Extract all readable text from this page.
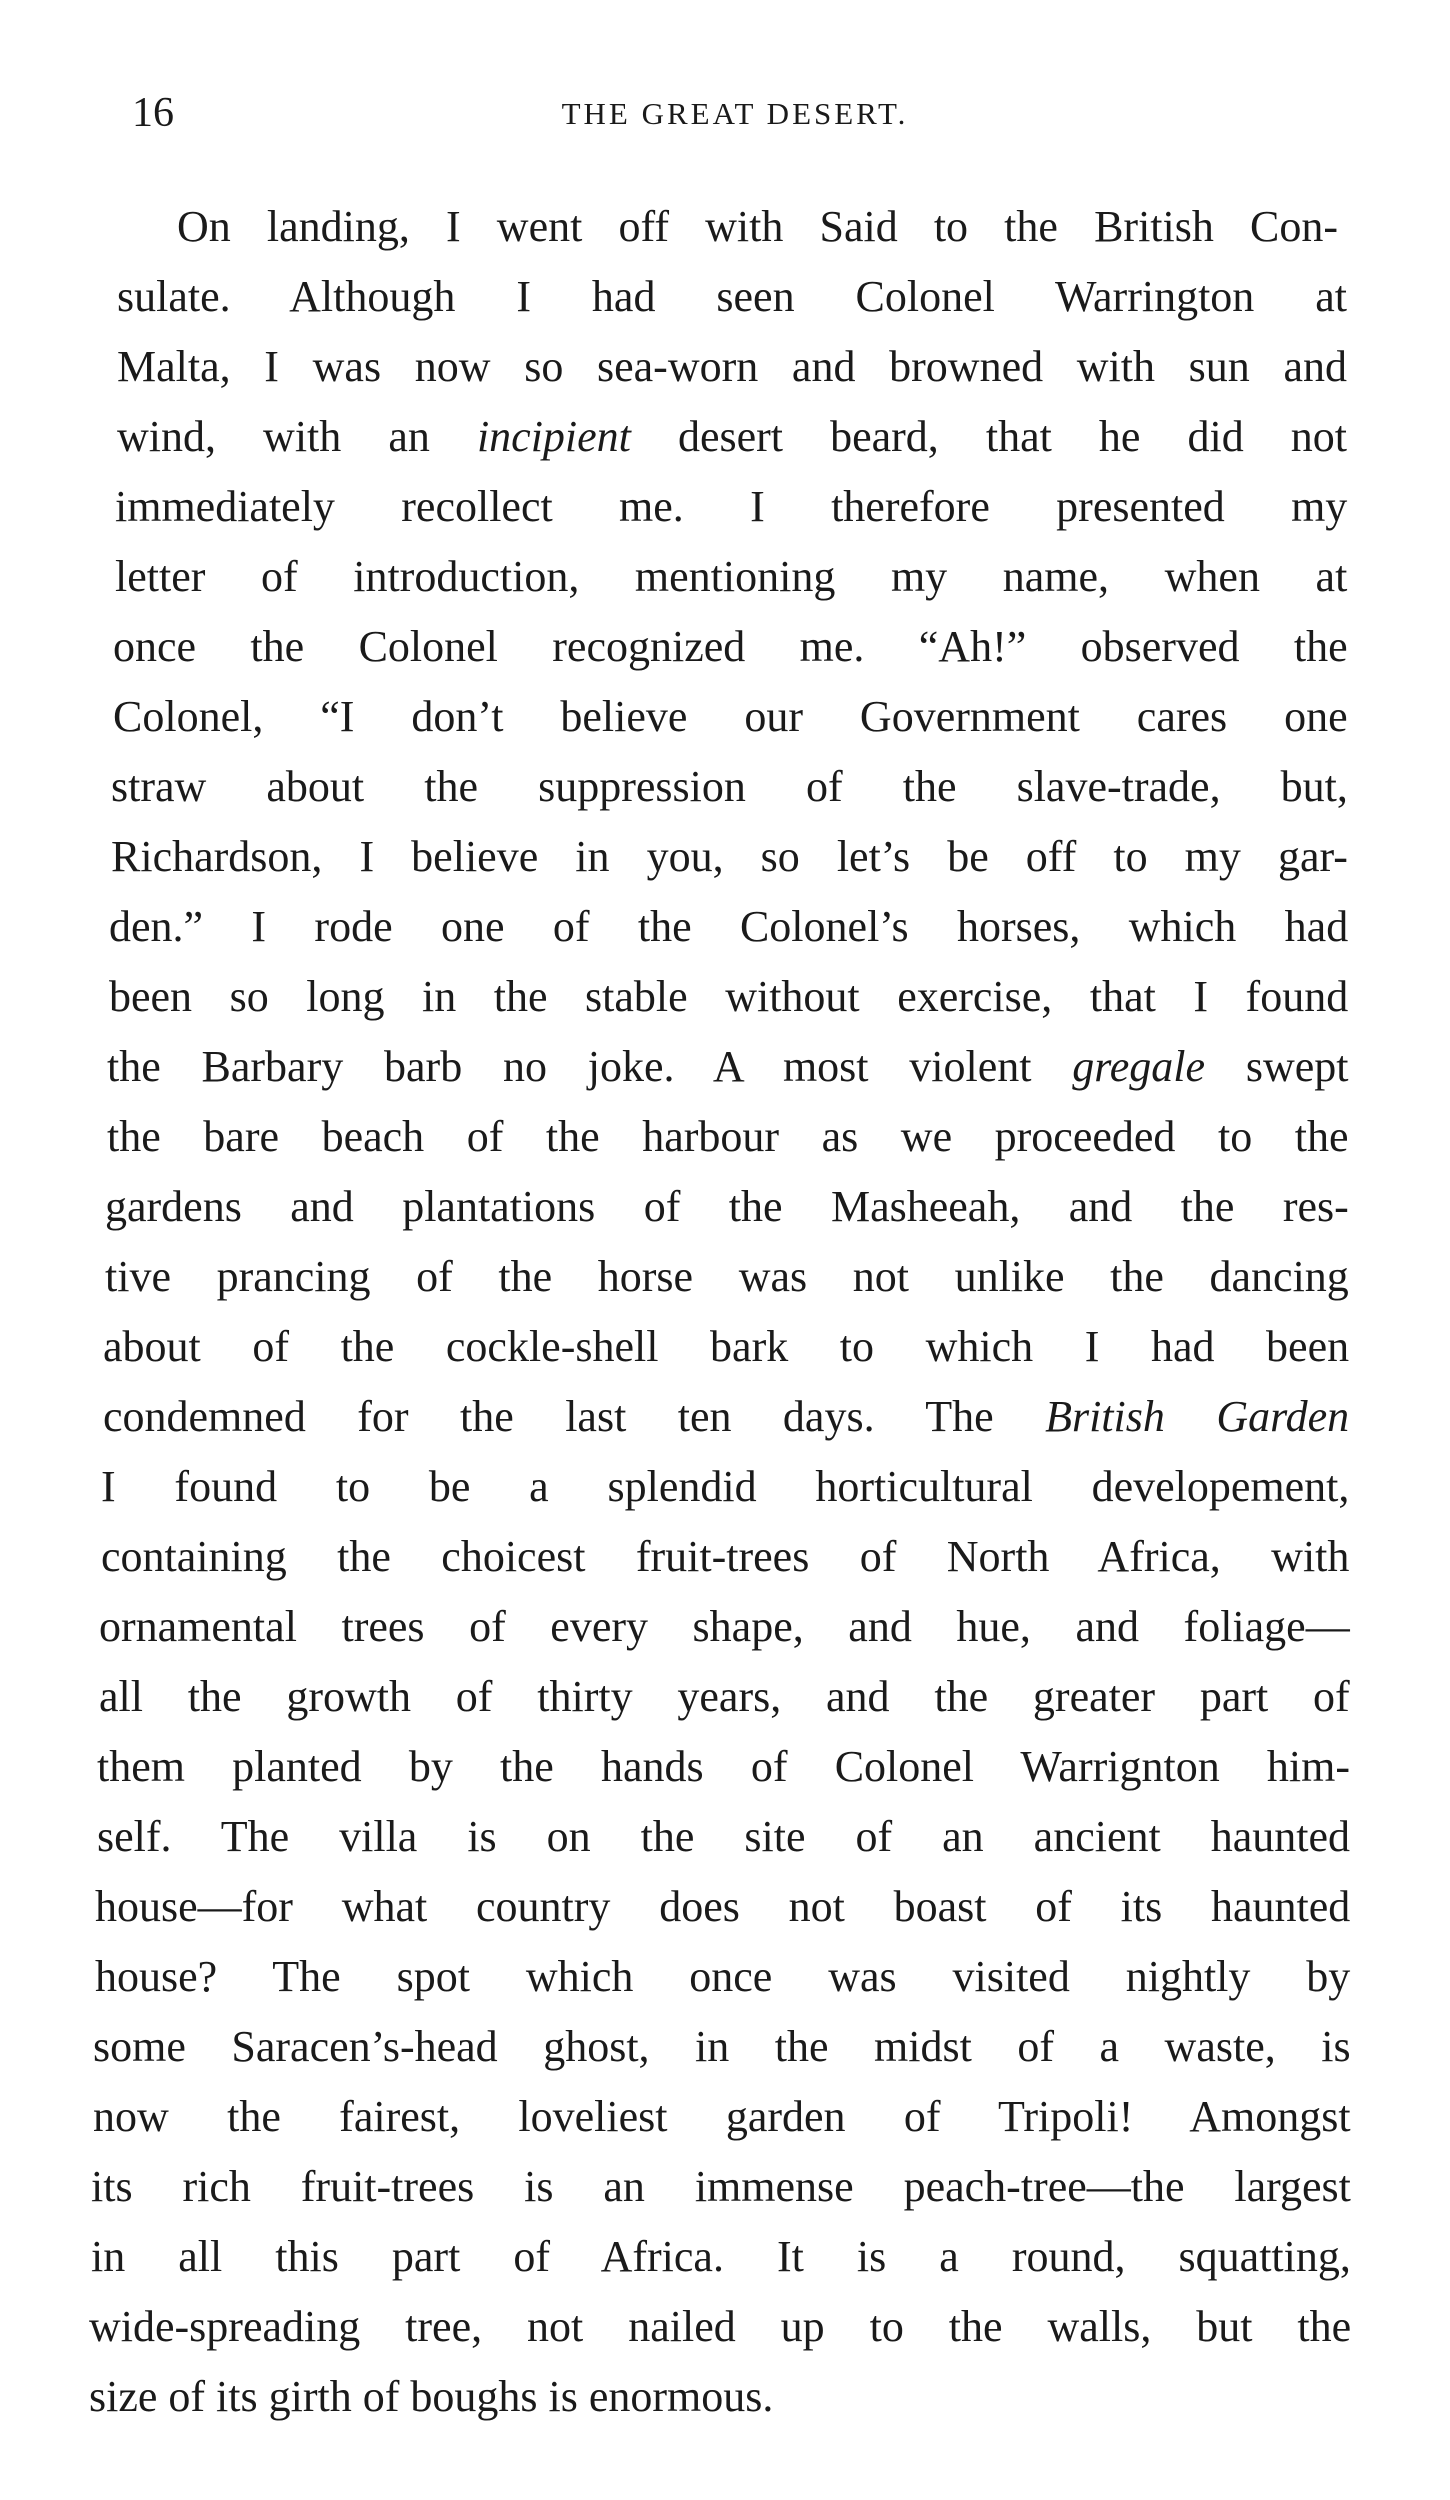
16	THE GREAT DESERT.
On landing, I went off with Said to the British Con-
sulate. Although I had seen Colonel Warrington at
Malta, I was now so sea-worn and browned with sun and
wind, with an incipient desert beard, that he did not
immediately recollect me. I therefore presented my
letter of introduction, mentioning my name, when at
once the Colonel recognized me. “Ah!” observed the
Colonel, “I don’t believe our Government cares one
straw about the suppression of the slave-trade, but,
Richardson, I believe in you, so let’s be off to my gar-
den.” I rode one of the Colonel’s horses, which had
been so long in the stable without exercise, that I found
the Barbary barb no joke. A most violent gregale swept
the bare beach of the harbour as we proceeded to the
gardens and plantations of the Masheeah, and the res-
tive prancing of the horse was not unlike the dancing
about of the cockle-shell bark to which I had been
condemned for the last ten days. The British Garden
I found to be a splendid horticultural developement,
containing the choicest fruit-trees of North Africa, with
ornamental trees of every shape, and hue, and foliage—
all the growth of thirty years, and the greater part of
them planted by the hands of Colonel Warrignton him-
self. The villa is on the site of an ancient haunted
house—for what country does not boast of its haunted
house? The spot which once was visited nightly by
some Saracen’s-head ghost, in the midst of a waste, is
now the fairest, loveliest garden of Tripoli! Amongst
its rich fruit-trees is an immense peach-tree—the largest
in all this part of Africa. It is a round, squatting,
wide-spreading tree, not nailed up to the walls, but the
size of its girth of boughs is enormous.
